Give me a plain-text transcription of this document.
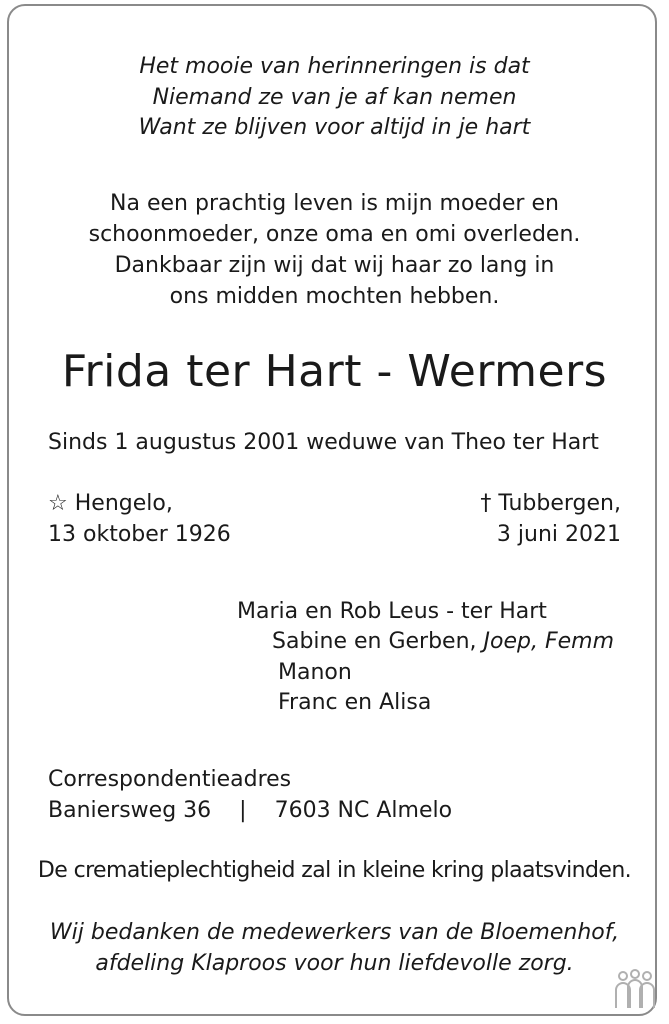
Het mooie van herinneringen is dat
Niemand ze van je af kan nemen
Want ze blijven voor altijd in je hart
Na een prachtig leven is mijn moeder en
schoonmoeder, onze oma en omi overleden.
Dankbaar zijn wij dat wij haar zo lang in
ons midden mochten hebben.
Frida ter Hart - Wermers
Sinds 1 augustus 2001 weduwe van Theo ter Hart
☆ Hengelo,
13 oktober 1926
† Tubbergen,
3 juni 2021
Maria en Rob Leus - ter Hart
Sabine en Gerben, Joep, Femm
Manon
Franc en Alisa
Correspondentieadres
Baniersweg 36 | 7603 NC Almelo
De crematieplechtigheid zal in kleine kring plaatsvinden.
Wij bedanken de medewerkers van de Bloemenhof,
afdeling Klaproos voor hun liefdevolle zorg.
